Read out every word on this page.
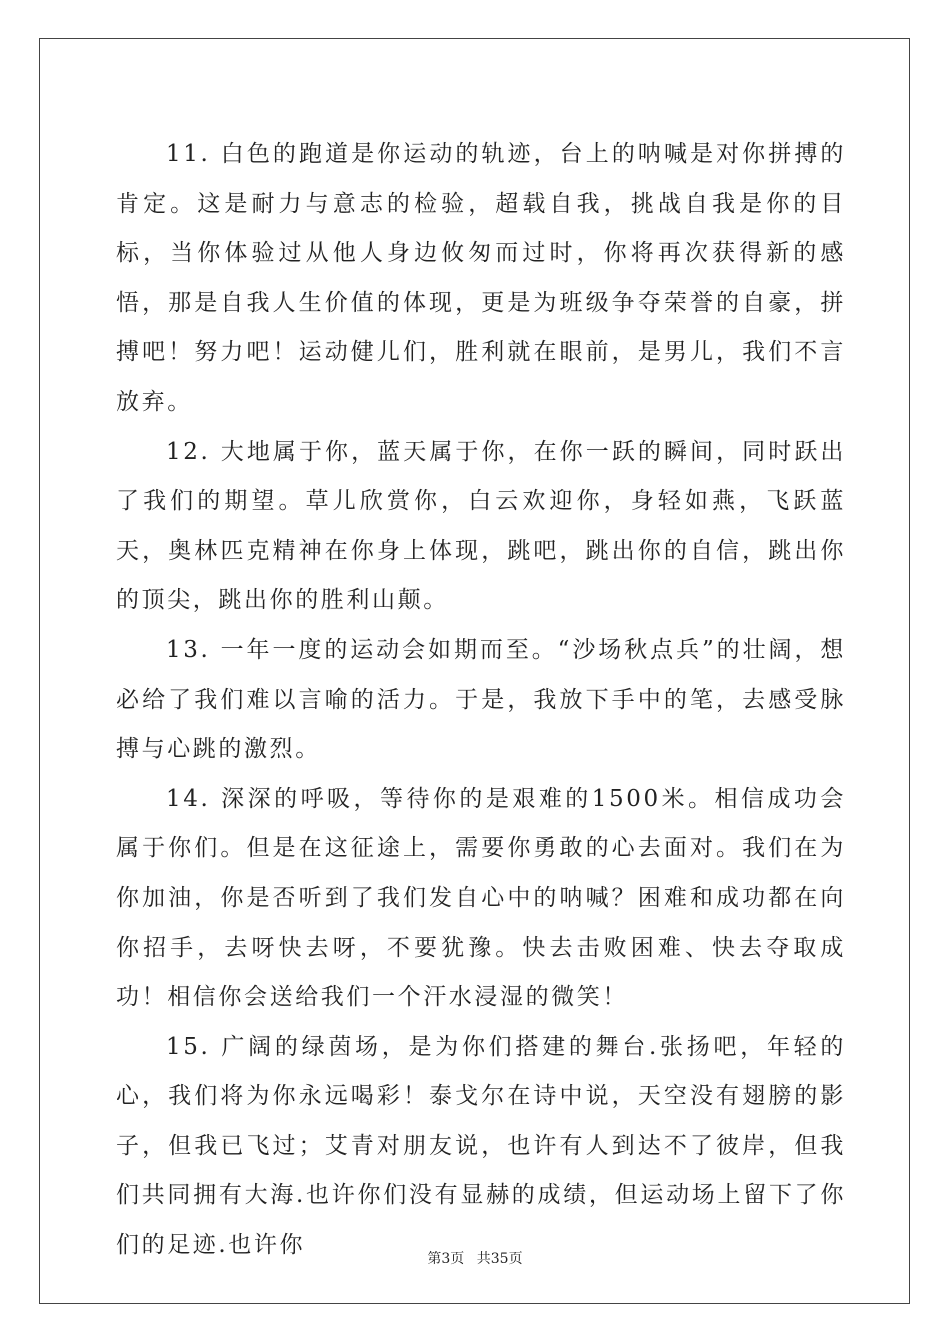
11. 白色的跑道是你运动的轨迹，台上的呐喊是对你拼搏的肯定。这是耐力与意志的检验，超载自我，挑战自我是你的目标，当你体验过从他人身边攸匆而过时，你将再次获得新的感悟，那是自我人生价值的体现，更是为班级争夺荣誉的自豪，拼搏吧！努力吧！运动健儿们，胜利就在眼前，是男儿，我们不言放弃。

12. 大地属于你，蓝天属于你，在你一跃的瞬间，同时跃出了我们的期望。草儿欣赏你，白云欢迎你，身轻如燕，飞跃蓝天，奥林匹克精神在你身上体现，跳吧，跳出你的自信，跳出你的顶尖，跳出你的胜利山颠。

13. 一年一度的运动会如期而至。“沙场秋点兵”的壮阔，想必给了我们难以言喻的活力。于是，我放下手中的笔，去感受脉搏与心跳的激烈。

14. 深深的呼吸，等待你的是艰难的1500米。相信成功会属于你们。但是在这征途上，需要你勇敢的心去面对。我们在为你加油，你是否听到了我们发自心中的呐喊？困难和成功都在向你招手，去呀快去呀，不要犹豫。快去击败困难、快去夺取成功！相信你会送给我们一个汗水浸湿的微笑！

15. 广阔的绿茵场，是为你们搭建的舞台.张扬吧，年轻的心，我们将为你永远喝彩！泰戈尔在诗中说，天空没有翅膀的影子，但我已飞过；艾青对朋友说，也许有人到达不了彼岸，但我们共同拥有大海.也许你们没有显赫的成绩，但运动场上留下了你们的足迹.也许你

第3页 共35页
